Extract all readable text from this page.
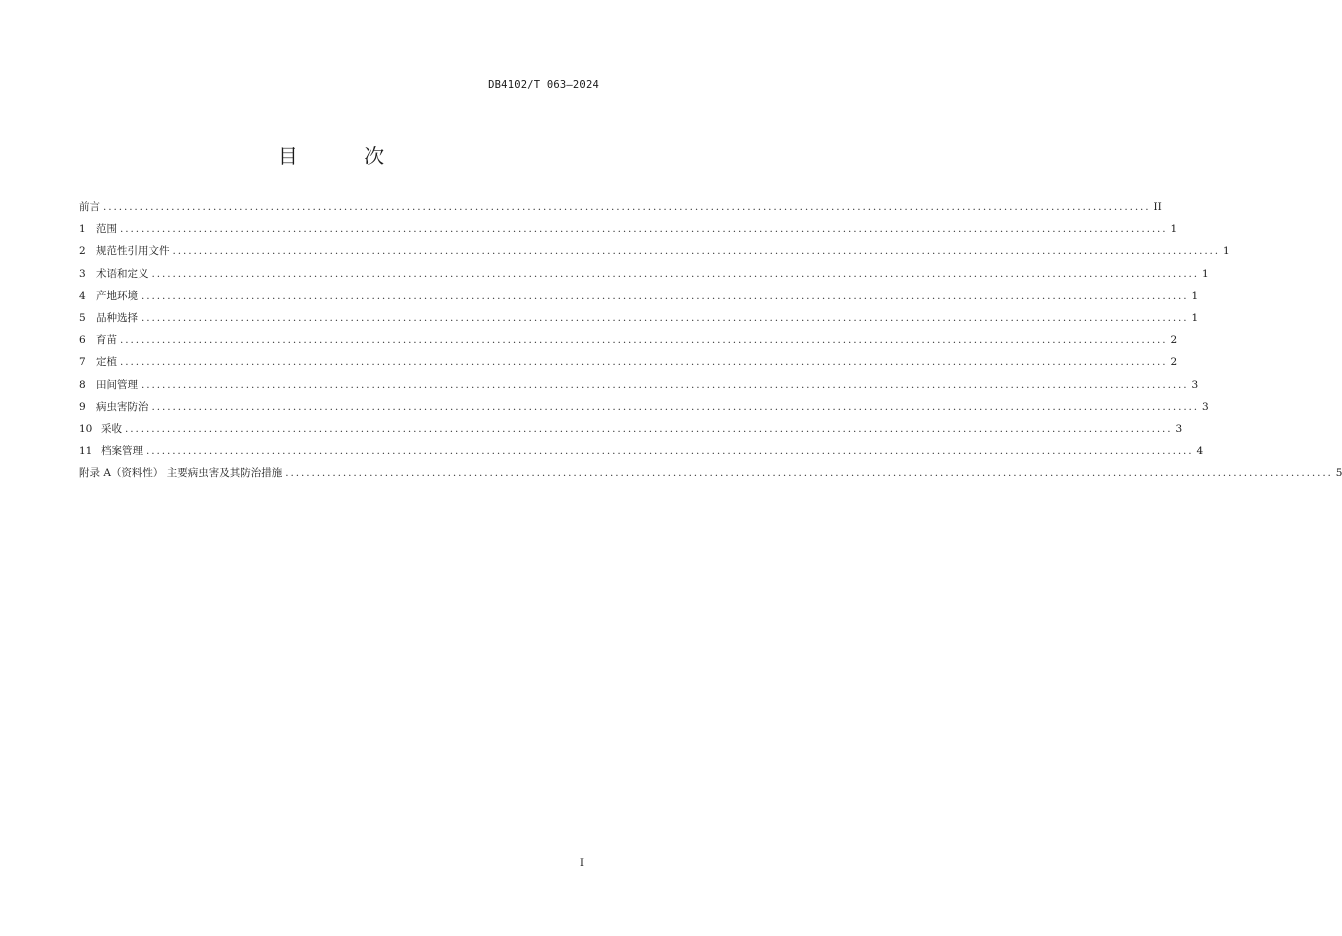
DB4102/T 063—2024
目 次
前言 ........................................................................................................................................................................................................ II
1 范围 ........................................................................................................................................................................................................ 1
2 规范性引用文件 ........................................................................................................................................................................................................ 1
3 术语和定义 ........................................................................................................................................................................................................ 1
4 产地环境 ........................................................................................................................................................................................................ 1
5 品种选择 ........................................................................................................................................................................................................ 1
6 育苗 ........................................................................................................................................................................................................ 2
7 定植 ........................................................................................................................................................................................................ 2
8 田间管理 ........................................................................................................................................................................................................ 3
9 病虫害防治 ........................................................................................................................................................................................................ 3
10 采收 ........................................................................................................................................................................................................ 3
11 档案管理 ........................................................................................................................................................................................................ 4
附录 A（资料性） 主要病虫害及其防治措施 ........................................................................................................................................................................................................ 5
I
